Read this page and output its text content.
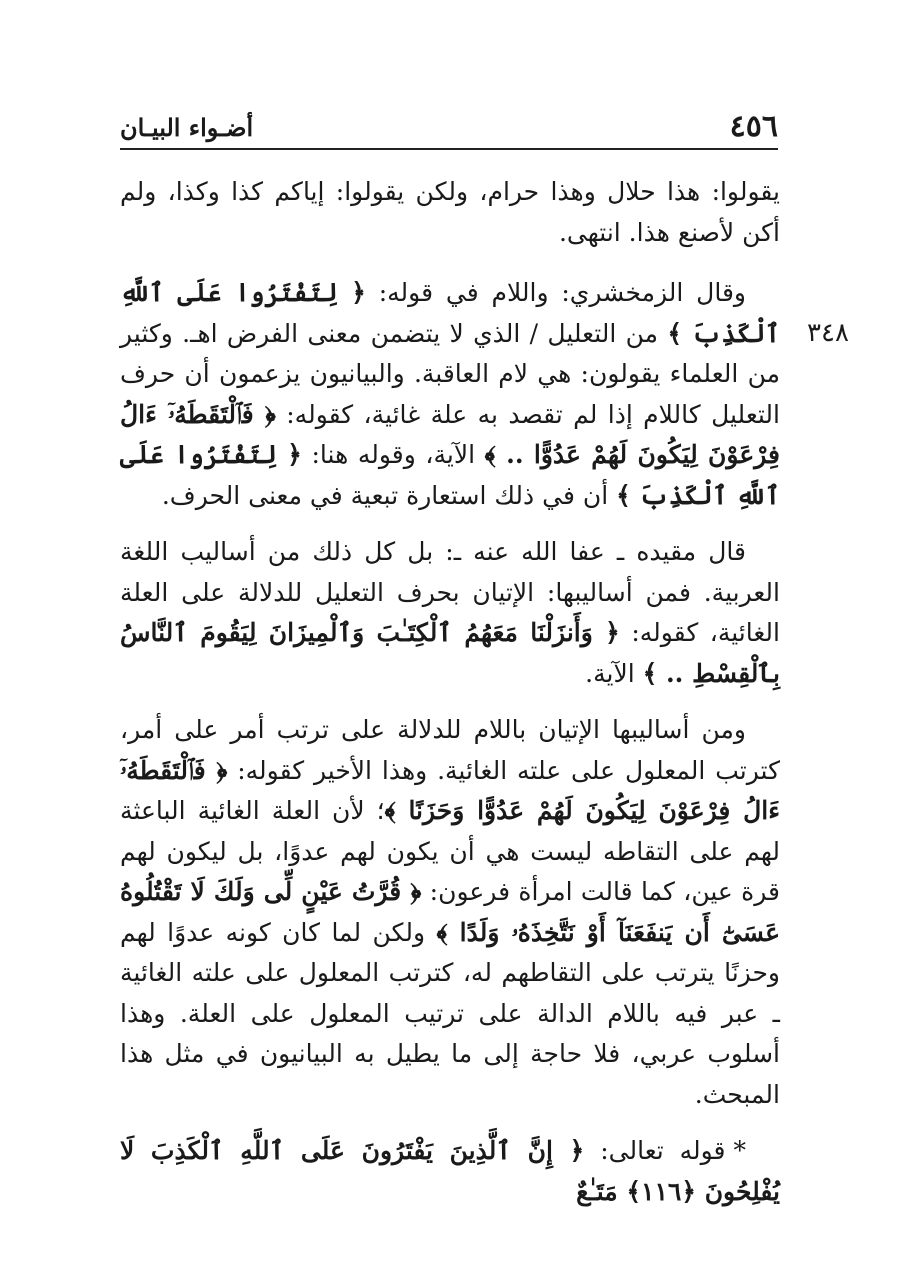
٤٥٦
أضـواء البيـان
٣٤٨

يقولوا: هذا حلال وهذا حرام، ولكن يقولوا: إياكم كذا وكذا، ولم أكن لأصنع هذا. انتهى.

وقال الزمخشري: واللام في قوله: ﴿ لِتَفْتَرُوا عَلَى ٱللَّهِ ٱلْكَذِبَ ﴾ من التعليل / الذي لا يتضمن معنى الفرض اهـ. وكثير من العلماء يقولون: هي لام العاقبة. والبيانيون يزعمون أن حرف التعليل كاللام إذا لم تقصد به علة غائية، كقوله: ﴿ فَٱلْتَقَطَهُۥٓ ءَالُ فِرْعَوْنَ لِيَكُونَ لَهُمْ عَدُوًّا .. ﴾ الآية، وقوله هنا: ﴿ لِتَفْتَرُوا عَلَى ٱللَّهِ ٱلْكَذِبَ ﴾ أن في ذلك استعارة تبعية في معنى الحرف.

قال مقيده ـ عفا الله عنه ـ: بل كل ذلك من أساليب اللغة العربية. فمن أساليبها: الإتيان بحرف التعليل للدلالة على العلة الغائية، كقوله: ﴿ وَأَنزَلْنَا مَعَهُمُ ٱلْكِتَـٰبَ وَٱلْمِيزَانَ لِيَقُومَ ٱلنَّاسُ بِٱلْقِسْطِ .. ﴾ الآية.

ومن أساليبها الإتيان باللام للدلالة على ترتب أمر على أمر، كترتب المعلول على علته الغائية. وهذا الأخير كقوله: ﴿ فَٱلْتَقَطَهُۥٓ ءَالُ فِرْعَوْنَ لِيَكُونَ لَهُمْ عَدُوًّا وَحَزَنًا ﴾؛ لأن العلة الغائية الباعثة لهم على التقاطه ليست هي أن يكون لهم عدوًا، بل ليكون لهم قرة عين، كما قالت امرأة فرعون: ﴿ قُرَّتُ عَيْنٍ لِّى وَلَكَ لَا تَقْتُلُوهُ عَسَىٰٓ أَن يَنفَعَنَآ أَوْ نَتَّخِذَهُۥ وَلَدًا ﴾ ولكن لما كان كونه عدوًا لهم وحزنًا يترتب على التقاطهم له، كترتب المعلول على علته الغائية ـ عبر فيه باللام الدالة على ترتيب المعلول على العلة. وهذا أسلوب عربي، فلا حاجة إلى ما يطيل به البيانيون في مثل هذا المبحث.

*قوله تعالى: ﴿ إِنَّ ٱلَّذِينَ يَفْتَرُونَ عَلَى ٱللَّهِ ٱلْكَذِبَ لَا يُفْلِحُونَ ﴿١١٦﴾ مَتَـٰعٌ
